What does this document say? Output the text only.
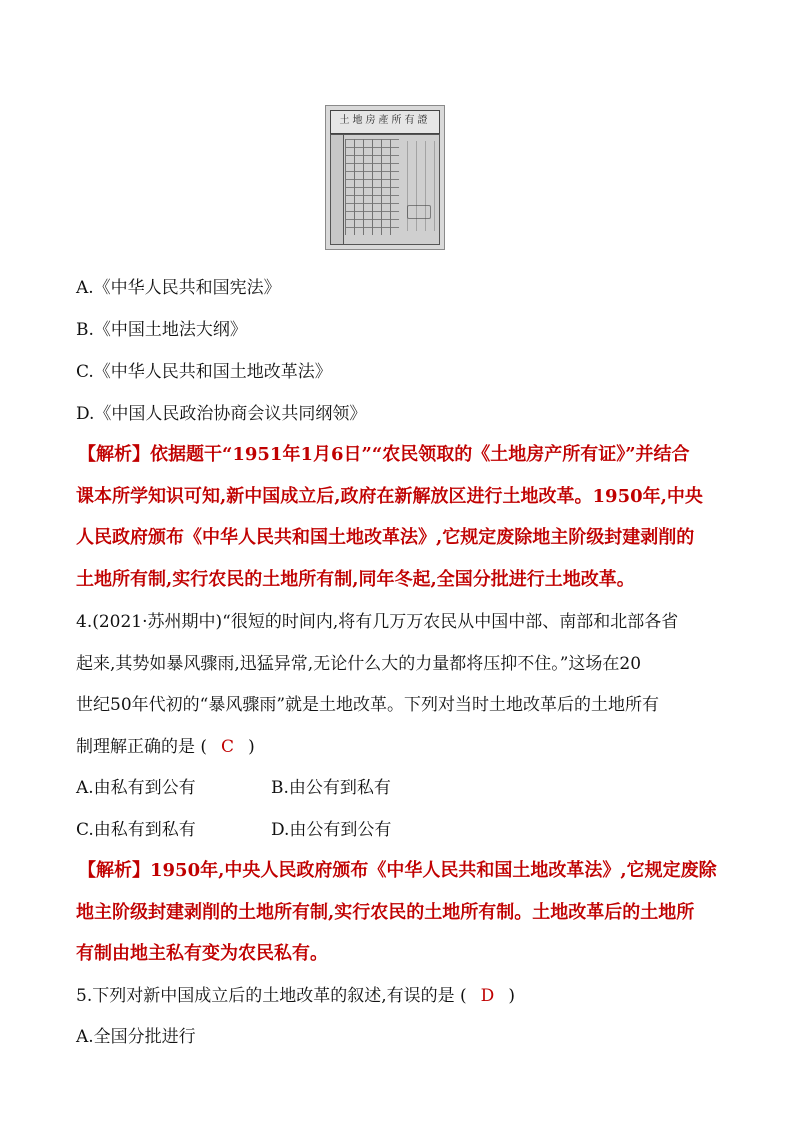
土地房產所有證
A.《中华人民共和国宪法》
B.《中国土地法大纲》
C.《中华人民共和国土地改革法》
D.《中国人民政治协商会议共同纲领》
【解析】依据题干“1951年1月6日”“农民领取的《土地房产所有证》”并结合
课本所学知识可知,新中国成立后,政府在新解放区进行土地改革。1950年,中央
人民政府颁布《中华人民共和国土地改革法》,它规定废除地主阶级封建剥削的
土地所有制,实行农民的土地所有制,同年冬起,全国分批进行土地改革。
4.(2021·苏州期中)“很短的时间内,将有几万万农民从中国中部、南部和北部各省
起来,其势如暴风骤雨,迅猛异常,无论什么大的力量都将压抑不住。”这场在20
世纪50年代初的“暴风骤雨”就是土地改革。下列对当时土地改革后的土地所有
制理解正确的是 ( C )
A.由私有到公有	B.由公有到私有
C.由私有到私有	D.由公有到公有
【解析】1950年,中央人民政府颁布《中华人民共和国土地改革法》,它规定废除
地主阶级封建剥削的土地所有制,实行农民的土地所有制。土地改革后的土地所
有制由地主私有变为农民私有。
5.下列对新中国成立后的土地改革的叙述,有误的是 ( D )
A.全国分批进行
